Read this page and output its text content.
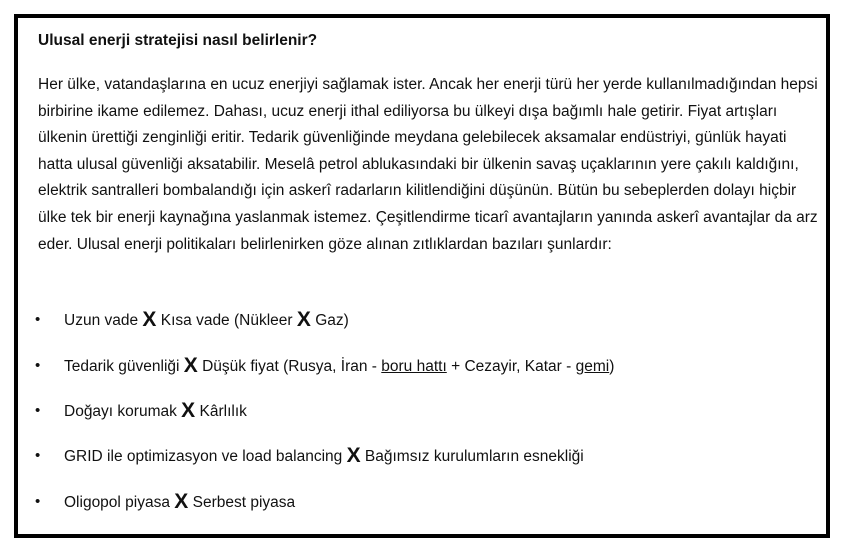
Ulusal enerji stratejisi nasıl belirlenir?

Her ülke, vatandaşlarına en ucuz enerjiyi sağlamak ister. Ancak her enerji türü her yerde kullanılmadığından hepsi birbirine ikame edilemez. Dahası, ucuz enerji ithal ediliyorsa bu ülkeyi dışa bağımlı hale getirir. Fiyat artışları ülkenin ürettiği zenginliği eritir. Tedarik güvenliğinde meydana gelebilecek aksamalar endüstriyi, günlük hayati hatta ulusal güvenliği aksatabilir. Meselâ petrol ablukasındaki bir ülkenin savaş uçaklarının yere çakılı kaldığını, elektrik santralleri bombalandığı için askerî radarların kilitlendiğini düşünün. Bütün bu sebeplerden dolayı hiçbir ülke tek bir enerji kaynağına yaslanmak istemez. Çeşitlendirme ticarî avantajların yanında askerî avantajlar da arz eder. Ulusal enerji politikaları belirlenirken göze alınan zıtlıklardan bazıları şunlardır:

• Uzun vade X Kısa vade (Nükleer X Gaz)
• Tedarik güvenliği X Düşük fiyat (Rusya, İran - boru hattı + Cezayir, Katar - gemi)
• Doğayı korumak X Kârlılık
• GRID ile optimizasyon ve load balancing X Bağımsız kurulumların esnekliği
• Oligopol piyasa X Serbest piyasa
